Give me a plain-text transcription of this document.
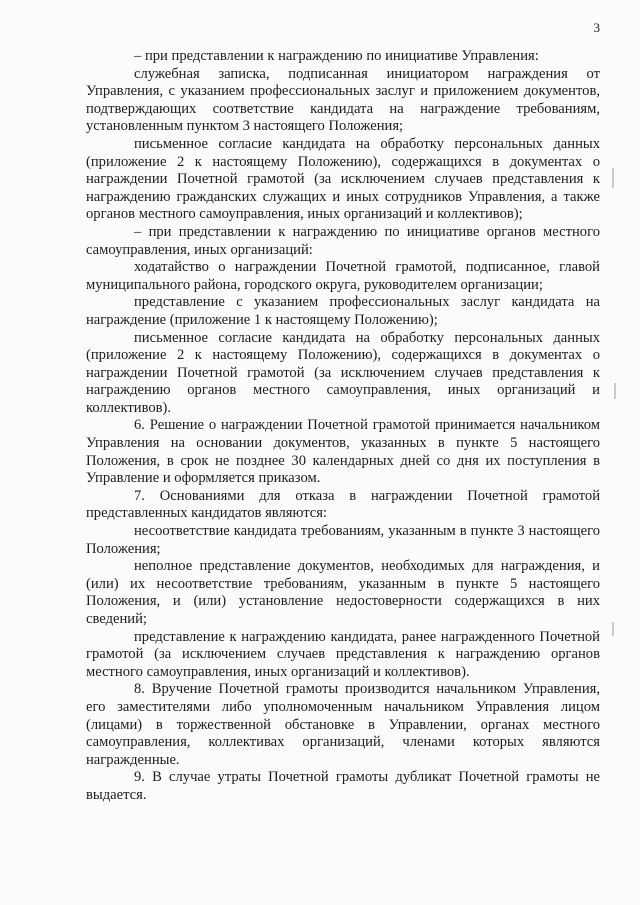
3

– при представлении к награждению по инициативе Управления:

служебная записка, подписанная инициатором награждения от Управления, с указанием профессиональных заслуг и приложением документов, подтверждающих соответствие кандидата на награждение требованиям, установленным пунктом 3 настоящего Положения;

письменное согласие кандидата на обработку персональных данных (приложение 2 к настоящему Положению), содержащихся в документах о награждении Почетной грамотой (за исключением случаев представления к награждению гражданских служащих и иных сотрудников Управления, а также органов местного самоуправления, иных организаций и коллективов);

– при представлении к награждению по инициативе органов местного самоуправления, иных организаций:

ходатайство о награждении Почетной грамотой, подписанное, главой муниципального района, городского округа, руководителем организации;

представление с указанием профессиональных заслуг кандидата на награждение (приложение 1 к настоящему Положению);

письменное согласие кандидата на обработку персональных данных (приложение 2 к настоящему Положению), содержащихся в документах о награждении Почетной грамотой (за исключением случаев представления к награждению органов местного самоуправления, иных организаций и коллективов).

6. Решение о награждении Почетной грамотой принимается начальником Управления на основании документов, указанных в пункте 5 настоящего Положения, в срок не позднее 30 календарных дней со дня их поступления в Управление и оформляется приказом.

7. Основаниями для отказа в награждении Почетной грамотой представленных кандидатов являются:

несоответствие кандидата требованиям, указанным в пункте 3 настоящего Положения;

неполное представление документов, необходимых для награждения, и (или) их несоответствие требованиям, указанным в пункте 5 настоящего Положения, и (или) установление недостоверности содержащихся в них сведений;

представление к награждению кандидата, ранее награжденного Почетной грамотой (за исключением случаев представления к награждению органов местного самоуправления, иных организаций и коллективов).

8. Вручение Почетной грамоты производится начальником Управления, его заместителями либо уполномоченным начальником Управления лицом (лицами) в торжественной обстановке в Управлении, органах местного самоуправления, коллективах организаций, членами которых являются награжденные.

9. В случае утраты Почетной грамоты дубликат Почетной грамоты не выдается.
